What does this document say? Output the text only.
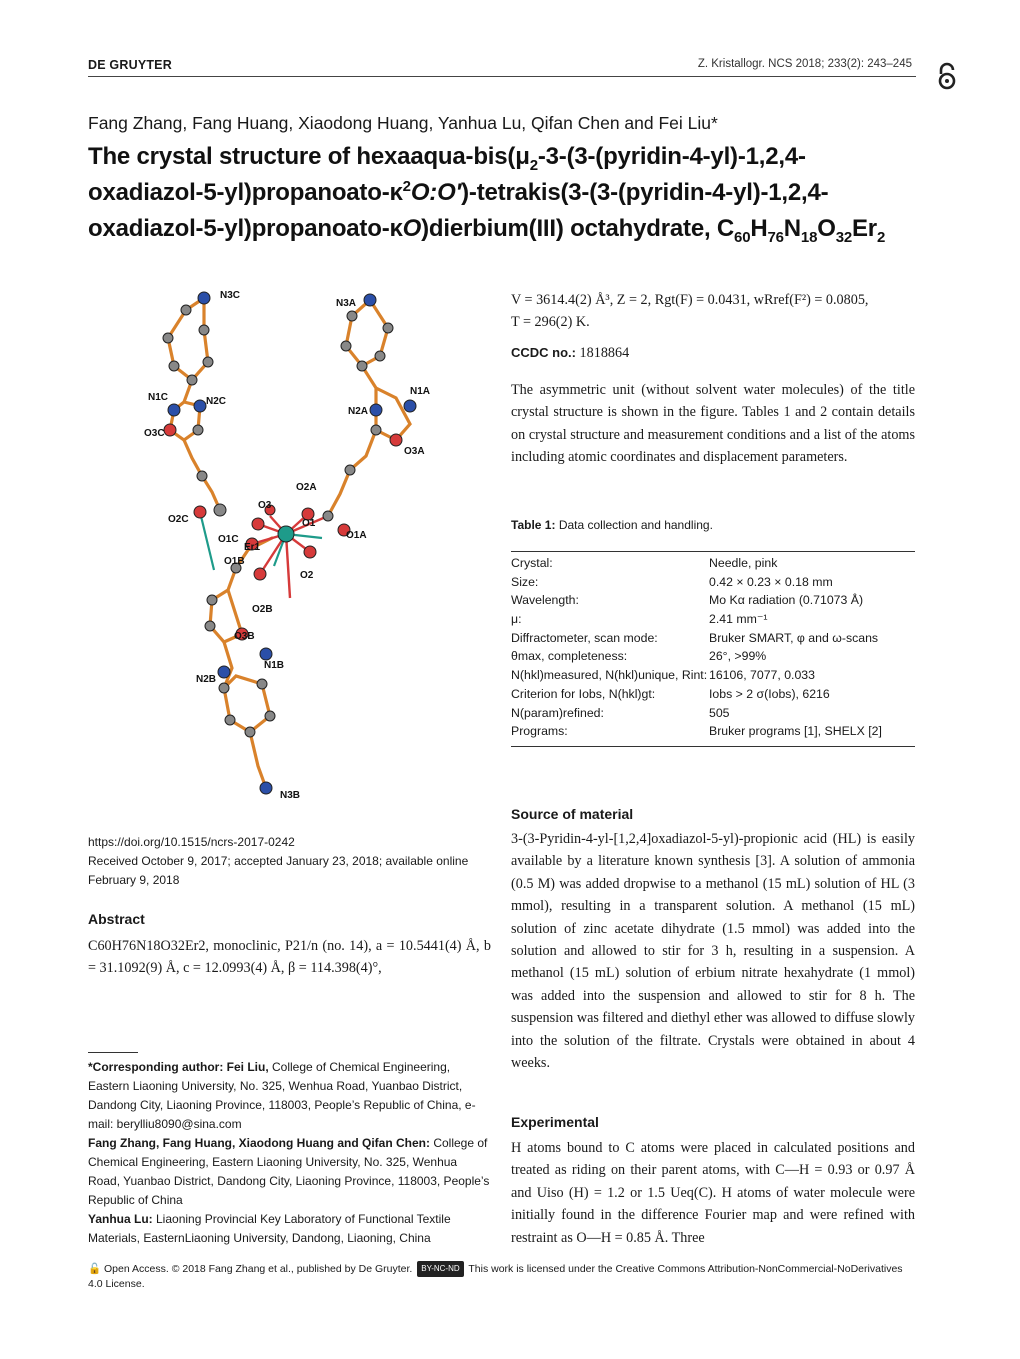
DE GRUYTER	Z. Kristallogr. NCS 2018; 233(2): 243–245
Fang Zhang, Fang Huang, Xiaodong Huang, Yanhua Lu, Qifan Chen and Fei Liu*
The crystal structure of hexaaqua-$bis(\mu_2-3-(3-(pyridin-4-yl)-1,2,4-$
oxadiazol-$5-yl)propanoato-\kappa^2O:O')-tetrakis(3-(3-(pyridin-4-yl)-1,2,4-$
oxadiazol-5-yl)propanoato-κO)dierbium(III) octahydrate, $C_{60}H_{76}N_{18}O_{32}Er_2$
N3C
N3A
N1C	N2C
O3C
N1A
N2A
O3A
O2A
O3
O2C
O1C
O1
O1A
Er1
O1B
O2
O2B
O3B
N1B
N2B
N3B
V = 3614.4(2) Å³, Z = 2, Rgt(F) = 0.0431, wRref(F²) = 0.0805,
T = 296(2) K.
CCDC no.: 1818864
The asymmetric unit (without solvent water molecules) of the title crystal structure is shown in the figure. Tables 1 and 2 contain details on crystal structure and measurement conditions and a list of the atoms including atomic coordinates and displacement parameters.
Table 1: Data collection and handling.
Crystal:	Needle, pink
Size:	0.42 × 0.23 × 0.18 mm
Wavelength:	Mo Kα radiation (0.71073 Å)
μ:	2.41 mm⁻¹
Diffractometer, scan mode:	Bruker SMART, φ and ω-scans
θmax, completeness:	26°, >99%
N(hkl)measured, N(hkl)unique, Rint: 16106, 7077, 0.033
Criterion for Iobs, N(hkl)gt:	Iobs > 2 σ(Iobs), 6216
N(param)refined:	505
Programs:	Bruker programs [1], SHELX [2]
Source of material
3-(3-Pyridin-4-yl-[1,2,4]oxadiazol-5-yl)-propionic acid (HL) is easily available by a literature known synthesis [3]. A solution of ammonia (0.5 M) was added dropwise to a methanol (15 mL) solution of HL (3 mmol), resulting in a transparent solution. A methanol (15 mL) solution of zinc acetate dihydrate (1.5 mmol) was added into the solution and allowed to stir for 3 h, resulting in a suspension. A methanol (15 mL) solution of erbium nitrate hexahydrate (1 mmol) was added into the suspension and allowed to stir for 8 h. The suspension was filtered and diethyl ether was allowed to diffuse slowly into the solution of the filtrate. Crystals were obtained in about 4 weeks.
Experimental
H atoms bound to C atoms were placed in calculated positions and treated as riding on their parent atoms, with C—H = 0.93 or 0.97 Å and Uiso (H) = 1.2 or 1.5 Ueq(C). H atoms of water molecule were initially found in the difference Fourier map and were refined with restraint as O—H = 0.85 Å. Three
https://doi.org/10.1515/ncrs-2017-0242
Received October 9, 2017; accepted January 23, 2018; available online February 9, 2018
Abstract
C60H76N18O32Er2, monoclinic, P21/n (no. 14), a = 10.5441(4) Å, b = 31.1092(9) Å, c = 12.0993(4) Å, β = 114.398(4)°,
*Corresponding author: Fei Liu, College of Chemical Engineering, Eastern Liaoning University, No. 325, Wenhua Road, Yuanbao District, Dandong City, Liaoning Province, 118003, People’s Republic of China, e-mail: berylliu8090@sina.com
Fang Zhang, Fang Huang, Xiaodong Huang and Qifan Chen: College of Chemical Engineering, Eastern Liaoning University, No. 325, Wenhua Road, Yuanbao District, Dandong City, Liaoning Province, 118003, People’s Republic of China
Yanhua Lu: Liaoning Provincial Key Laboratory of Functional Textile Materials, EasternLiaoning University, Dandong, Liaoning, China
🔓 Open Access. © 2018 Fang Zhang et al., published by De Gruyter. BY-NC-ND This work is licensed under the Creative Commons Attribution-NonCommercial-NoDerivatives 4.0 License.
